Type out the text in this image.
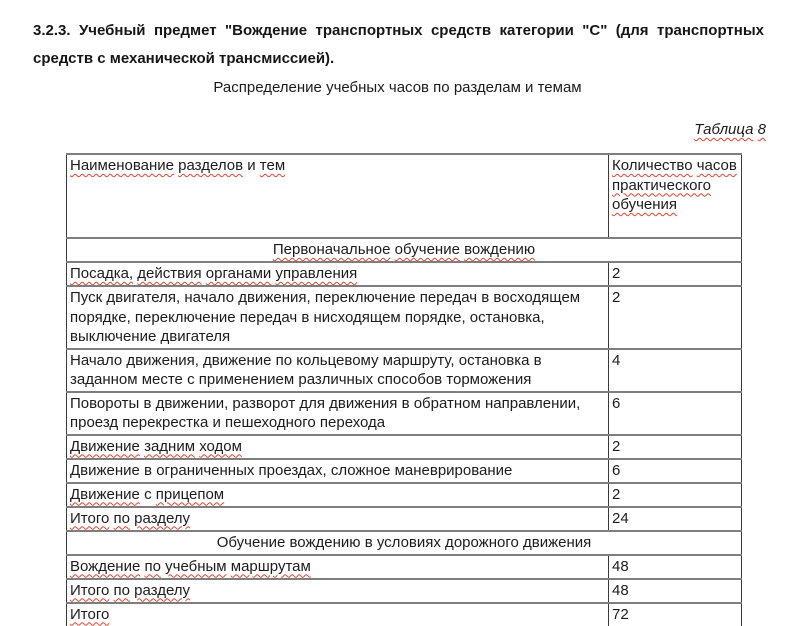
3.2.3. Учебный предмет "Вождение транспортных средств категории "С" (для транспортных средств с механической трансмиссией).
Распределение учебных часов по разделам и темам
Таблица 8
Наименование разделов и тем	Количество часов практического обучения
Первоначальное обучение вождению	
Посадка, действия органами управления	2
Пуск двигателя, начало движения, переключение передач в восходящем порядке, переключение передач в нисходящем порядке, остановка, выключение двигателя	2
Начало движения, движение по кольцевому маршруту, остановка в заданном месте с применением различных способов торможения	4
Повороты в движении, разворот для движения в обратном направлении, проезд перекрестка и пешеходного перехода	6
Движение задним ходом	2
Движение в ограниченных проездах, сложное маневрирование	6
Движение с прицепом	2
Итого по разделу	24
Обучение вождению в условиях дорожного движения	
Вождение по учебным маршрутам	48
Итого по разделу	48
Итого	72
